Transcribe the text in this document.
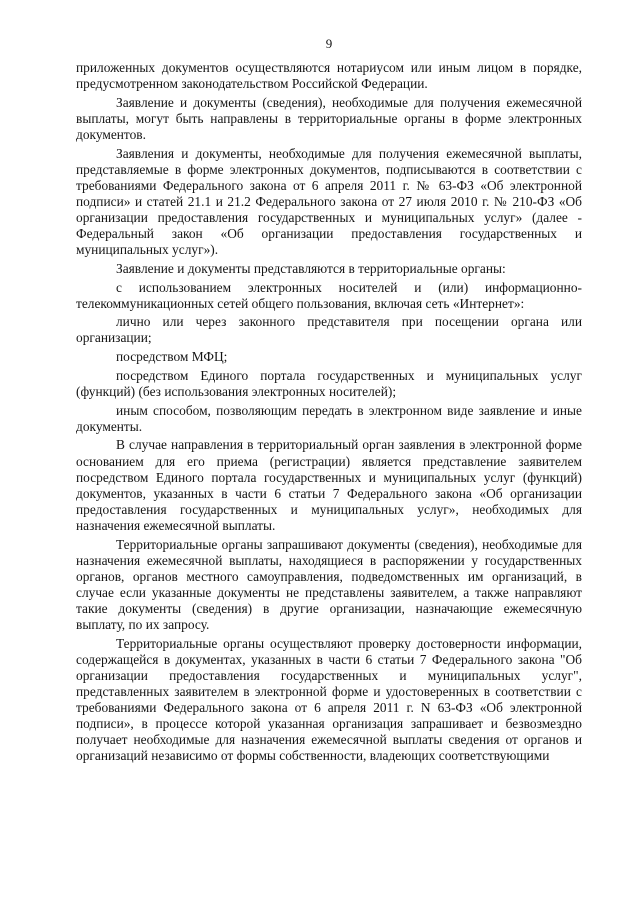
9

приложенных документов осуществляются нотариусом или иным лицом в порядке, предусмотренном законодательством Российской Федерации.

Заявление и документы (сведения), необходимые для получения ежемесячной выплаты, могут быть направлены в территориальные органы в форме электронных документов.

Заявления и документы, необходимые для получения ежемесячной выплаты, представляемые в форме электронных документов, подписываются в соответствии с требованиями Федерального закона от 6 апреля 2011 г. № 63-ФЗ «Об электронной подписи» и статей 21.1 и 21.2 Федерального закона от 27 июля 2010 г. № 210-ФЗ «Об организации предоставления государственных и муниципальных услуг» (далее - Федеральный закон «Об организации предоставления государственных и муниципальных услуг»).

Заявление и документы представляются в территориальные органы:

с использованием электронных носителей и (или) информационно-телекоммуникационных сетей общего пользования, включая сеть «Интернет»:

лично или через законного представителя при посещении органа или организации;

посредством МФЦ;

посредством Единого портала государственных и муниципальных услуг (функций) (без использования электронных носителей);

иным способом, позволяющим передать в электронном виде заявление и иные документы.

В случае направления в территориальный орган заявления в электронной форме основанием для его приема (регистрации) является представление заявителем посредством Единого портала государственных и муниципальных услуг (функций) документов, указанных в части 6 статьи 7 Федерального закона «Об организации предоставления государственных и муниципальных услуг», необходимых для назначения ежемесячной выплаты.

Территориальные органы запрашивают документы (сведения), необходимые для назначения ежемесячной выплаты, находящиеся в распоряжении у государственных органов, органов местного самоуправления, подведомственных им организаций, в случае если указанные документы не представлены заявителем, а также направляют такие документы (сведения) в другие организации, назначающие ежемесячную выплату, по их запросу.

Территориальные органы осуществляют проверку достоверности информации, содержащейся в документах, указанных в части 6 статьи 7 Федерального закона "Об организации предоставления государственных и муниципальных услуг", представленных заявителем в электронной форме и удостоверенных в соответствии с требованиями Федерального закона от 6 апреля 2011 г. N 63-ФЗ «Об электронной подписи», в процессе которой указанная организация запрашивает и безвозмездно получает необходимые для назначения ежемесячной выплаты сведения от органов и организаций независимо от формы собственности, владеющих соответствующими
